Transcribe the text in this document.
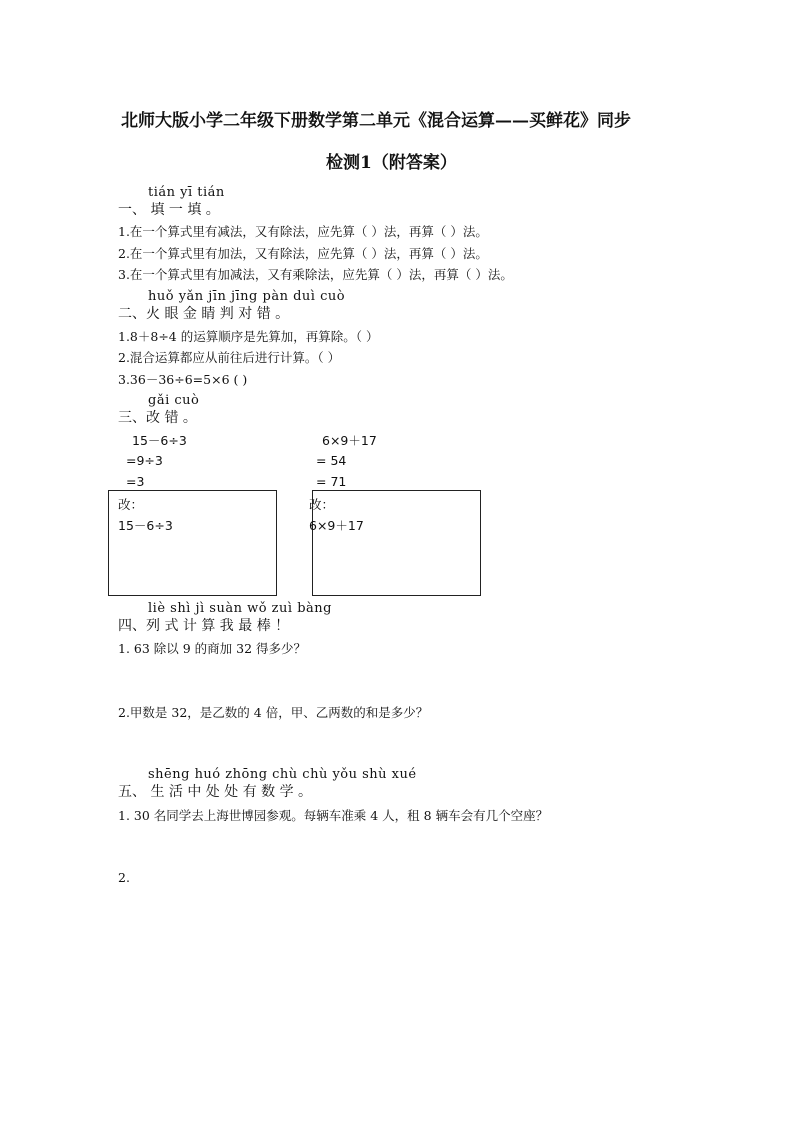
北师大版小学二年级下册数学第二单元《混合运算——买鲜花》同步
检测1（附答案）
tián yī tián
一、 填 一 填 。
1.在一个算式里有减法，又有除法，应先算（ ）法，再算（ ）法。
2.在一个算式里有加法，又有除法，应先算（ ）法，再算（ ）法。
3.在一个算式里有加减法，又有乘除法，应先算（ ）法，再算（ ）法。
huǒ yǎn jīn jīng pàn duì cuò
二、火 眼 金 睛 判 对 错 。
1.8＋8÷4 的运算顺序是先算加，再算除。（ ）
2.混合运算都应从前往后进行计算。（ ）
3.36－36÷6=5×6 ( )
gǎi cuò
三、改 错 。
15－6÷3
=9÷3
=3
6×9＋17
= 54
= 71
改：
15－6÷3
改：
6×9＋17
liè shì jì suàn wǒ zuì bàng
四、列 式 计 算 我 最 棒 ！
1. 63 除以 9 的商加 32 得多少？
2.甲数是 32，是乙数的 4 倍，甲、乙两数的和是多少？
shēng huó zhōng chù chù yǒu shù xué
五、 生 活 中 处 处 有 数 学 。
1. 30 名同学去上海世博园参观。每辆车准乘 4 人，租 8 辆车会有几个空座？
2.
